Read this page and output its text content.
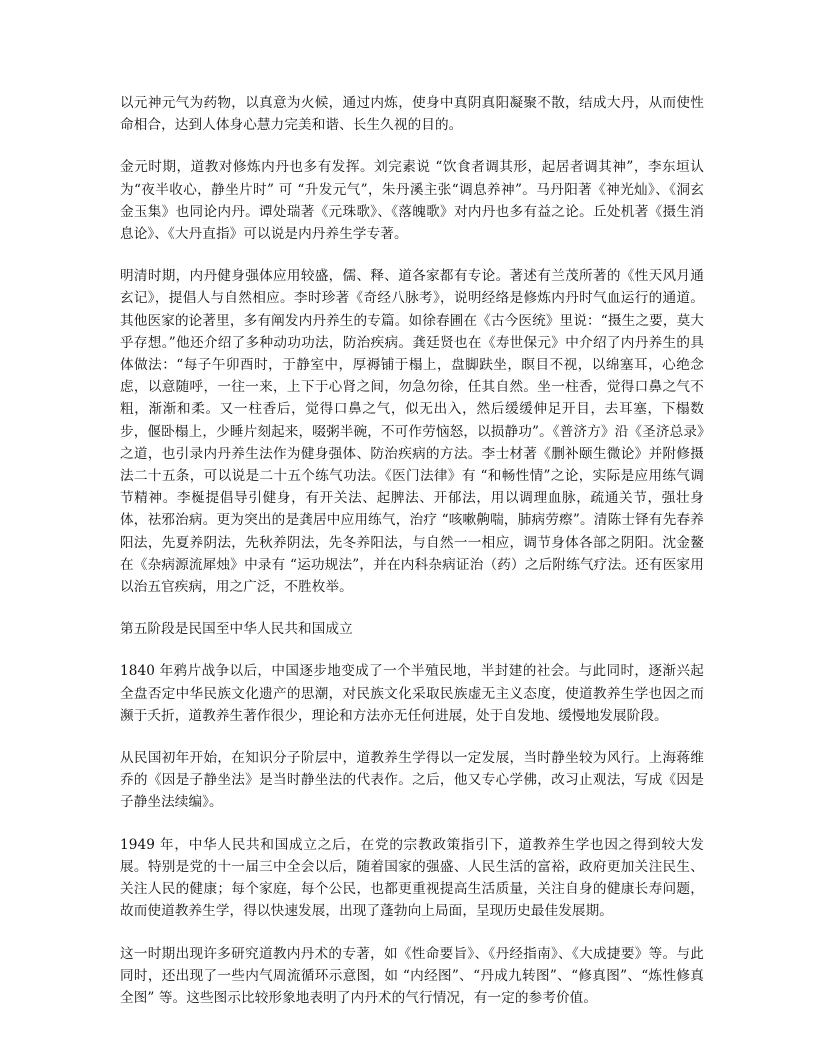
以元神元气为药物，以真意为火候，通过内炼，使身中真阴真阳凝聚不散，结成大丹，从而使性命相合，达到人体身心慧力完美和谐、长生久视的目的。

金元时期，道教对修炼内丹也多有发挥。刘完素说 “饮食者调其形，起居者调其神”，李东垣认为“夜半收心，静坐片时” 可 “升发元气”，朱丹溪主张“调息养神”。马丹阳著《神光灿》、《洞玄金玉集》也同论内丹。谭处瑞著《元珠歌》、《落魄歌》对内丹也多有益之论。丘处机著《摄生消息论》、《大丹直指》可以说是内丹养生学专著。

明清时期，内丹健身强体应用较盛，儒、释、道各家都有专论。著述有兰茂所著的《性天风月通玄记》，提倡人与自然相应。李时珍著《奇经八脉考》，说明经络是修炼内丹时气血运行的通道。其他医家的论著里，多有阐发内丹养生的专篇。如徐春圃在《古今医统》里说：“摄生之要，莫大乎存想。”他还介绍了多种动功功法，防治疾病。龚廷贤也在《寿世保元》中介绍了内丹养生的具体做法：“每子午卯酉时，于静室中，厚褥铺于榻上，盘脚趺坐，瞑目不视，以绵塞耳，心绝念虑，以意随呼，一往一来，上下于心肾之间，勿急勿徐，任其自然。坐一柱香，觉得口鼻之气不粗，渐渐和柔。又一柱香后，觉得口鼻之气，似无出入，然后缓缓伸足开目，去耳塞，下榻数步，偃卧榻上，少睡片刻起来，啜粥半碗，不可作劳恼怒，以损静功”。《普济方》沿《圣济总录》之道，也引录内丹养生法作为健身强体、防治疾病的方法。李士材著《删补颐生微论》并附修摄法二十五条，可以说是二十五个练气功法。《医门法律》有 “和畅性情”之论，实际是应用练气调节精神。李梴提倡导引健身，有开关法、起脾法、开郁法，用以调理血脉，疏通关节，强壮身体，祛邪治病。更为突出的是龚居中应用练气，治疗 “咳嗽齁喘，肺病劳瘵”。清陈士铎有先春养阳法，先夏养阴法，先秋养阴法，先冬养阳法，与自然一一相应，调节身体各部之阴阳。沈金鳌在《杂病源流犀烛》中录有 “运功规法”，并在内科杂病证治（药）之后附练气疗法。还有医家用以治五官疾病，用之广泛，不胜枚举。

第五阶段是民国至中华人民共和国成立

1840 年鸦片战争以后，中国逐步地变成了一个半殖民地，半封建的社会。与此同时，逐渐兴起全盘否定中华民族文化遗产的思潮，对民族文化采取民族虚无主义态度，使道教养生学也因之而濒于夭折，道教养生著作很少，理论和方法亦无任何进展，处于自发地、缓慢地发展阶段。

从民国初年开始，在知识分子阶层中，道教养生学得以一定发展，当时静坐较为风行。上海蒋维乔的《因是子静坐法》是当时静坐法的代表作。之后，他又专心学佛，改习止观法，写成《因是子静坐法续编》。

1949 年，中华人民共和国成立之后，在党的宗教政策指引下，道教养生学也因之得到较大发展。特别是党的十一届三中全会以后，随着国家的强盛、人民生活的富裕，政府更加关注民生、关注人民的健康；每个家庭，每个公民，也都更重视提高生活质量，关注自身的健康长寿问题，故而使道教养生学，得以快速发展，出现了蓬勃向上局面，呈现历史最佳发展期。

这一时期出现许多研究道教内丹术的专著，如《性命要旨》、《丹经指南》、《大成捷要》等。与此同时，还出现了一些内气周流循环示意图，如 “内经图”、“丹成九转图”、“修真图”、“炼性修真全图” 等。这些图示比较形象地表明了内丹术的气行情况，有一定的参考价值。
